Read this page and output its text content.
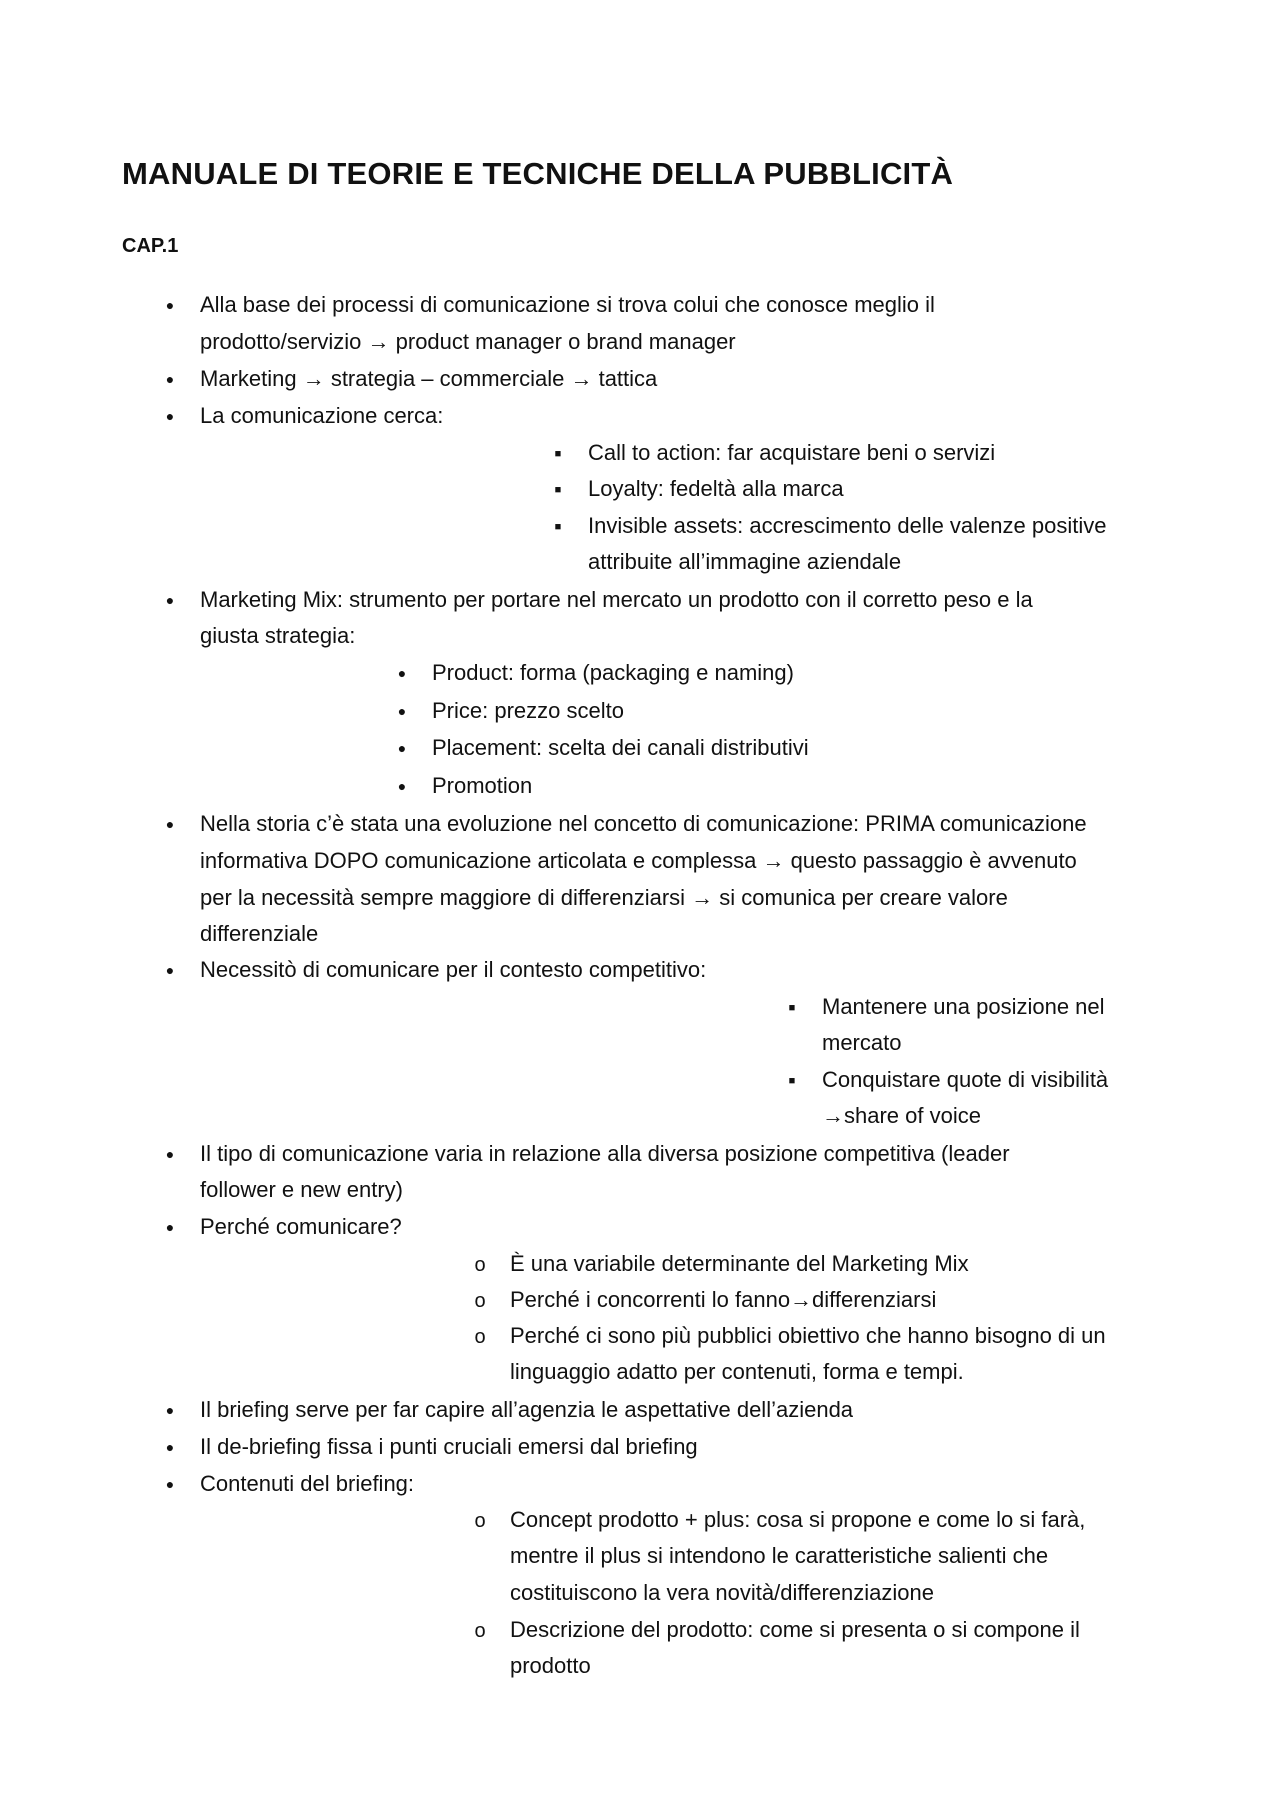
MANUALE DI TEORIE E TECNICHE DELLA PUBBLICITÀ
CAP.1
●
Alla base dei processi di comunicazione si trova colui che conosce meglio il
prodotto/servizio → product manager o brand manager
●
Marketing → strategia – commerciale → tattica
●
La comunicazione cerca:
■
Call to action: far acquistare beni o servizi
■
Loyalty: fedeltà alla marca
■
Invisible assets: accrescimento delle valenze positive
attribuite all’immagine aziendale
●
Marketing Mix: strumento per portare nel mercato un prodotto con il corretto peso e la
giusta strategia:
●
Product: forma (packaging e naming)
●
Price: prezzo scelto
●
Placement: scelta dei canali distributivi
●
Promotion
●
Nella storia c’è stata una evoluzione nel concetto di comunicazione: PRIMA comunicazione
informativa DOPO comunicazione articolata e complessa → questo passaggio è avvenuto
per la necessità sempre maggiore di differenziarsi → si comunica per creare valore
differenziale
●
Necessitò di comunicare per il contesto competitivo:
■
Mantenere una posizione nel
mercato
■
Conquistare quote di visibilità
→share of voice
●
Il tipo di comunicazione varia in relazione alla diversa posizione competitiva (leader
follower e new entry)
●
Perché comunicare?
o
È una variabile determinante del Marketing Mix
o
Perché i concorrenti lo fanno→differenziarsi
o
Perché ci sono più pubblici obiettivo che hanno bisogno di un
linguaggio adatto per contenuti, forma e tempi.
●
Il briefing serve per far capire all’agenzia le aspettative dell’azienda
●
Il de-briefing fissa i punti cruciali emersi dal briefing
●
Contenuti del briefing:
o
Concept prodotto + plus: cosa si propone e come lo si farà,
mentre il plus si intendono le caratteristiche salienti che
costituiscono la vera novità/differenziazione
o
Descrizione del prodotto: come si presenta o si compone il
prodotto
